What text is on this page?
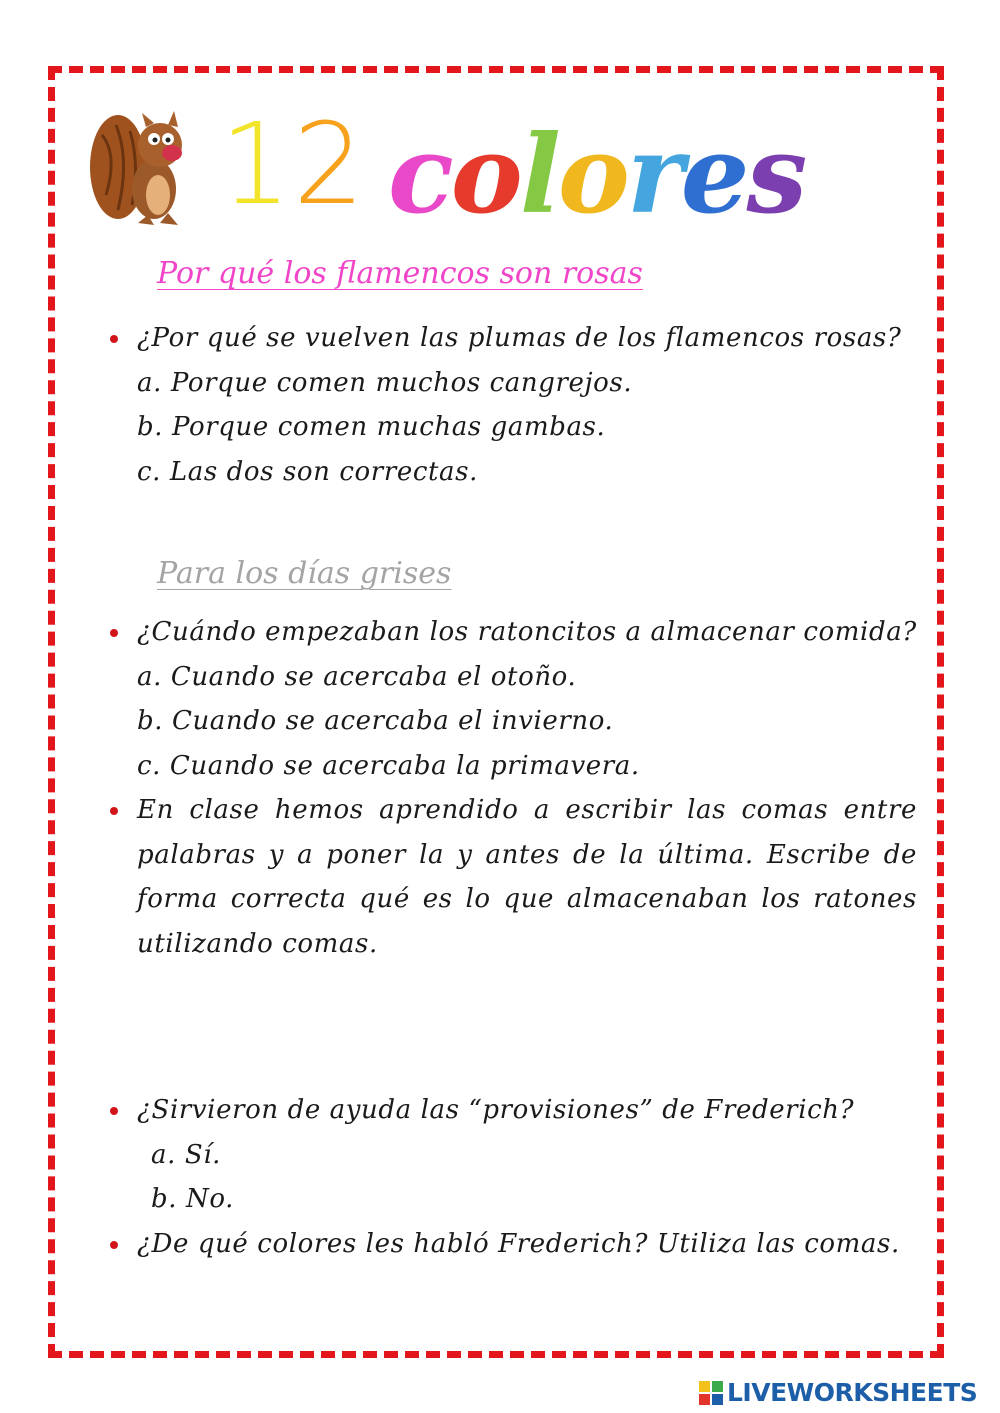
12 colores
Por qué los flamencos son rosas
¿Por qué se vuelven las plumas de los flamencos rosas?
a. Porque comen muchos cangrejos.
b. Porque comen muchas gambas.
c. Las dos son correctas.
Para los días grises
¿Cuándo empezaban los ratoncitos a almacenar comida?
a. Cuando se acercaba el otoño.
b. Cuando se acercaba el invierno.
c. Cuando se acercaba la primavera.
En clase hemos aprendido a escribir las comas entre palabras y a poner la y antes de la última. Escribe de forma correcta qué es lo que almacenaban los ratones utilizando comas.
¿Sirvieron de ayuda las “provisiones” de Frederich?
a. Sí.
b. No.
¿De qué colores les habló Frederich? Utiliza las comas.
LIVEWORKSHEETS
